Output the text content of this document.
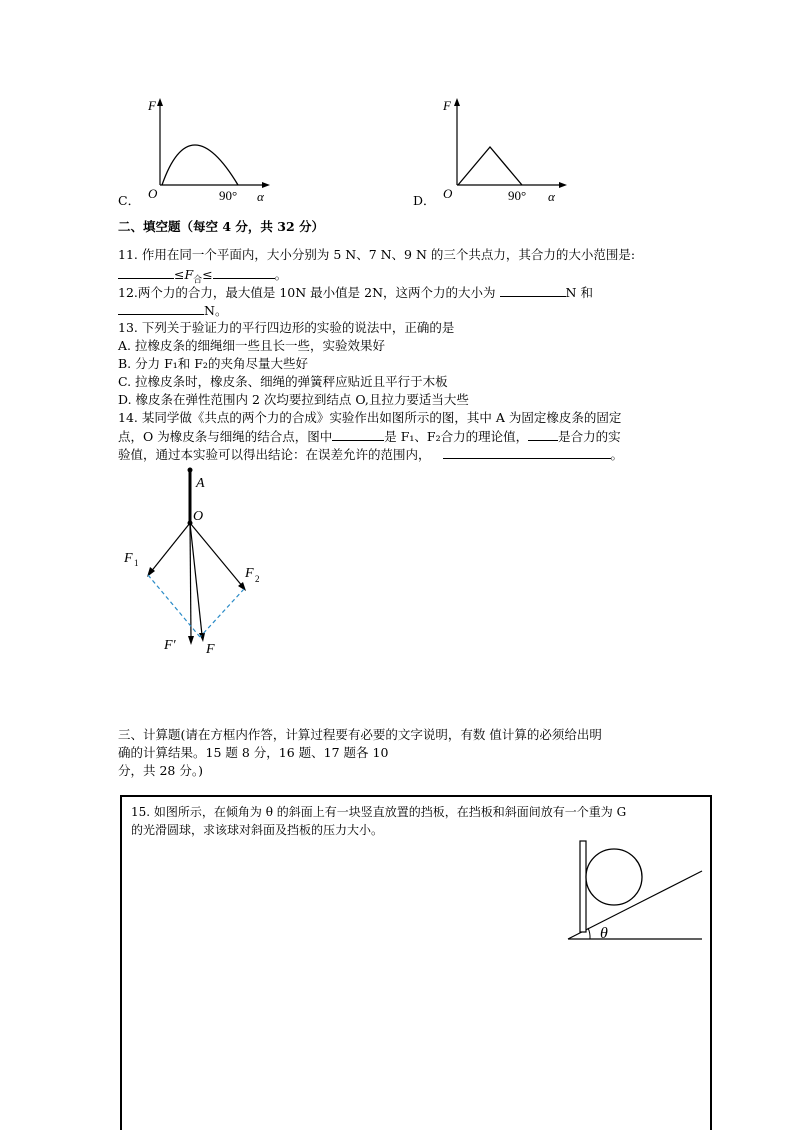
F
O	90° α
C．
F
O	90° α
D．
二、填空题（每空 4 分，共 32 分）
11. 作用在同一个平面内，大小分别为 5 N、7 N、9 N 的三个共点力，其合力的大小范围是:
$\le F_合\le$	。
12.两个力的合力，最大值是 10N 最小值是 2N，这两个力的大小为	N 和
N。
13. 下列关于验证力的平行四边形的实验的说法中，正确的是
A. 拉橡皮条的细绳细一些且长一些，实验效果好
B. 分力 F₁和 F₂的夹角尽量大些好
C. 拉橡皮条时，橡皮条、细绳的弹簧秤应贴近且平行于木板
D. 橡皮条在弹性范围内 2 次均要拉到结点 O,且拉力要适当大些
14. 某同学做《共点的两个力的合成》实验作出如图所示的图，其中 A 为固定橡皮条的固定
点，O 为橡皮条与细绳的结合点，图中	是 F₁、F₂合力的理论值， 是合力的实
验值，通过本实验可以得出结论：在误差允许的范围内，	。
A
O
F 1
F 2
F′ F
三、计算题(请在方框内作答，计算过程要有必要的文字说明，有数 值计算的必须给出明
确的计算结果。15 题 8 分，16 题、17 题各 10
分，共 28 分。)
15. 如图所示，在倾角为 θ 的斜面上有一块竖直放置的挡板，在挡板和斜面间放有一个重为 G
的光滑圆球，求该球对斜面及挡板的压力大小。
θ
